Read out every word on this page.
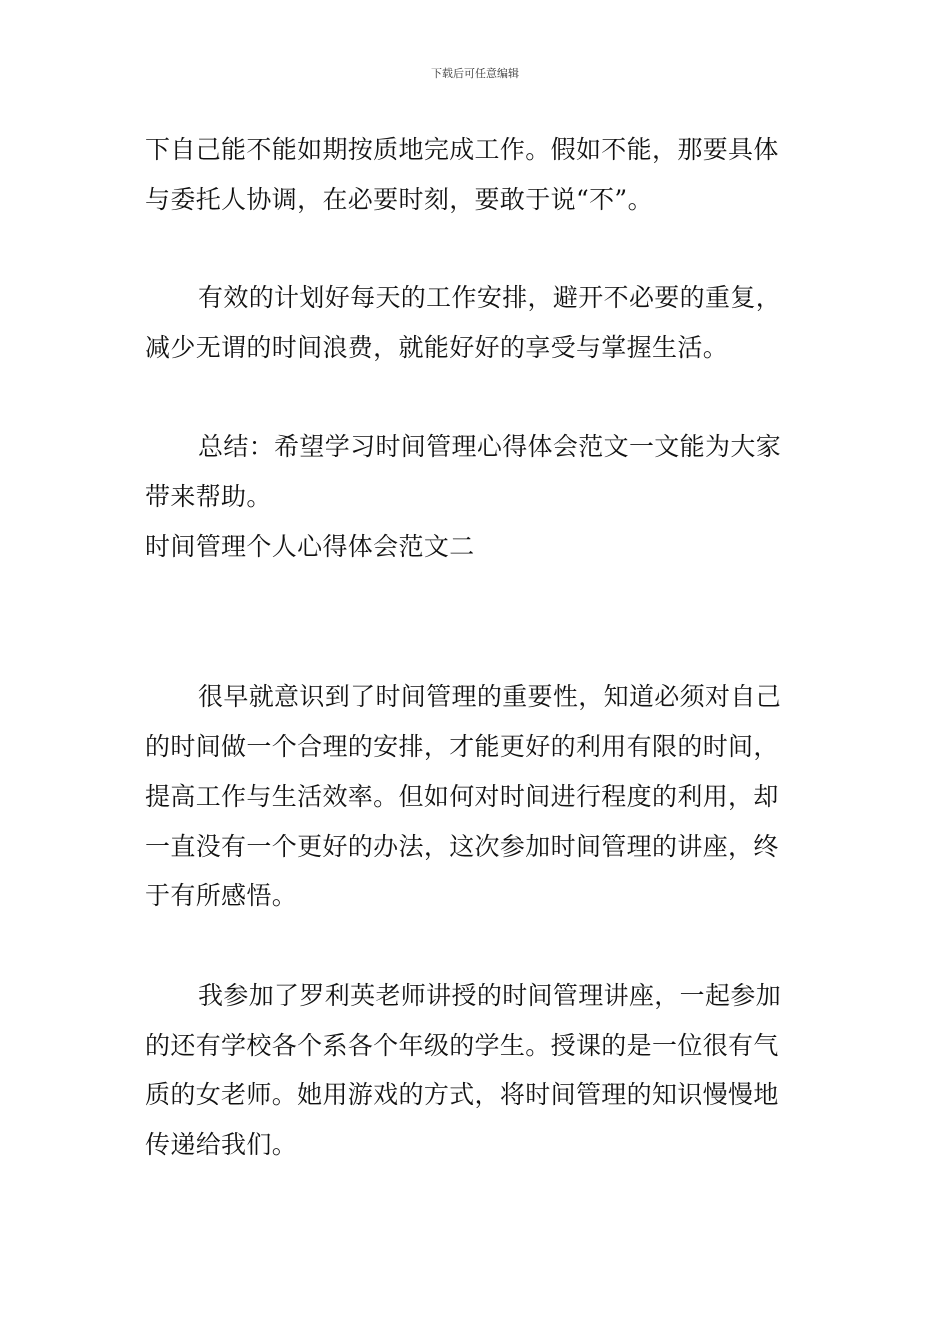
下载后可任意编辑
下自己能不能如期按质地完成工作。假如不能，那要具体
与委托人协调，在必要时刻，要敢于说“不”。
有效的计划好每天的工作安排，避开不必要的重复，
减少无谓的时间浪费，就能好好的享受与掌握生活。
总结：希望学习时间管理心得体会范文一文能为大家
带来帮助。
时间管理个人心得体会范文二
很早就意识到了时间管理的重要性，知道必须对自己
的时间做一个合理的安排，才能更好的利用有限的时间，
提高工作与生活效率。但如何对时间进行程度的利用，却
一直没有一个更好的办法，这次参加时间管理的讲座，终
于有所感悟。
我参加了罗利英老师讲授的时间管理讲座，一起参加
的还有学校各个系各个年级的学生。授课的是一位很有气
质的女老师。她用游戏的方式，将时间管理的知识慢慢地
传递给我们。
